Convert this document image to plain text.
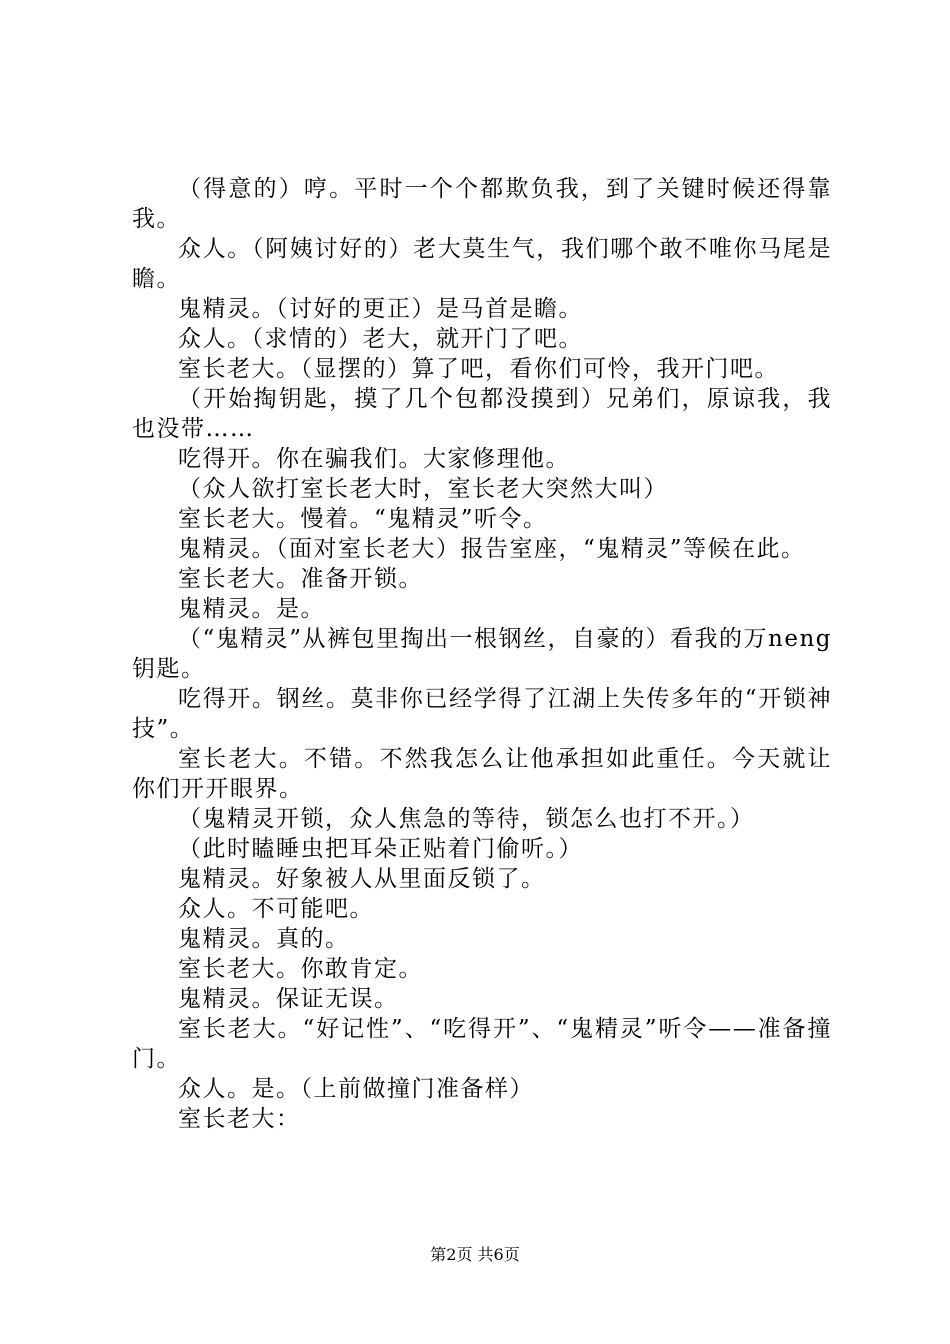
（得意的）哼。平时一个个都欺负我，到了关键时候还得靠我。

众人。（阿姨讨好的）老大莫生气，我们哪个敢不唯你马尾是瞻。

鬼精灵。（讨好的更正）是马首是瞻。

众人。（求情的）老大，就开门了吧。

室长老大。（显摆的）算了吧，看你们可怜，我开门吧。

（开始掏钥匙，摸了几个包都没摸到）兄弟们，原谅我，我也没带……

吃得开。你在骗我们。大家修理他。

（众人欲打室长老大时，室长老大突然大叫）

室长老大。慢着。“鬼精灵”听令。

鬼精灵。（面对室长老大）报告室座，“鬼精灵”等候在此。

室长老大。准备开锁。

鬼精灵。是。

（“鬼精灵”从裤包里掏出一根钢丝，自豪的）看我的万neng钥匙。

吃得开。钢丝。莫非你已经学得了江湖上失传多年的“开锁神技”。

室长老大。不错。不然我怎么让他承担如此重任。今天就让你们开开眼界。

（鬼精灵开锁，众人焦急的等待，锁怎么也打不开。）

（此时瞌睡虫把耳朵正贴着门偷听。）

鬼精灵。好象被人从里面反锁了。

众人。不可能吧。

鬼精灵。真的。

室长老大。你敢肯定。

鬼精灵。保证无误。

室长老大。“好记性”、“吃得开”、“鬼精灵”听令——准备撞门。

众人。是。（上前做撞门准备样）

室长老大：

第2页 共6页
